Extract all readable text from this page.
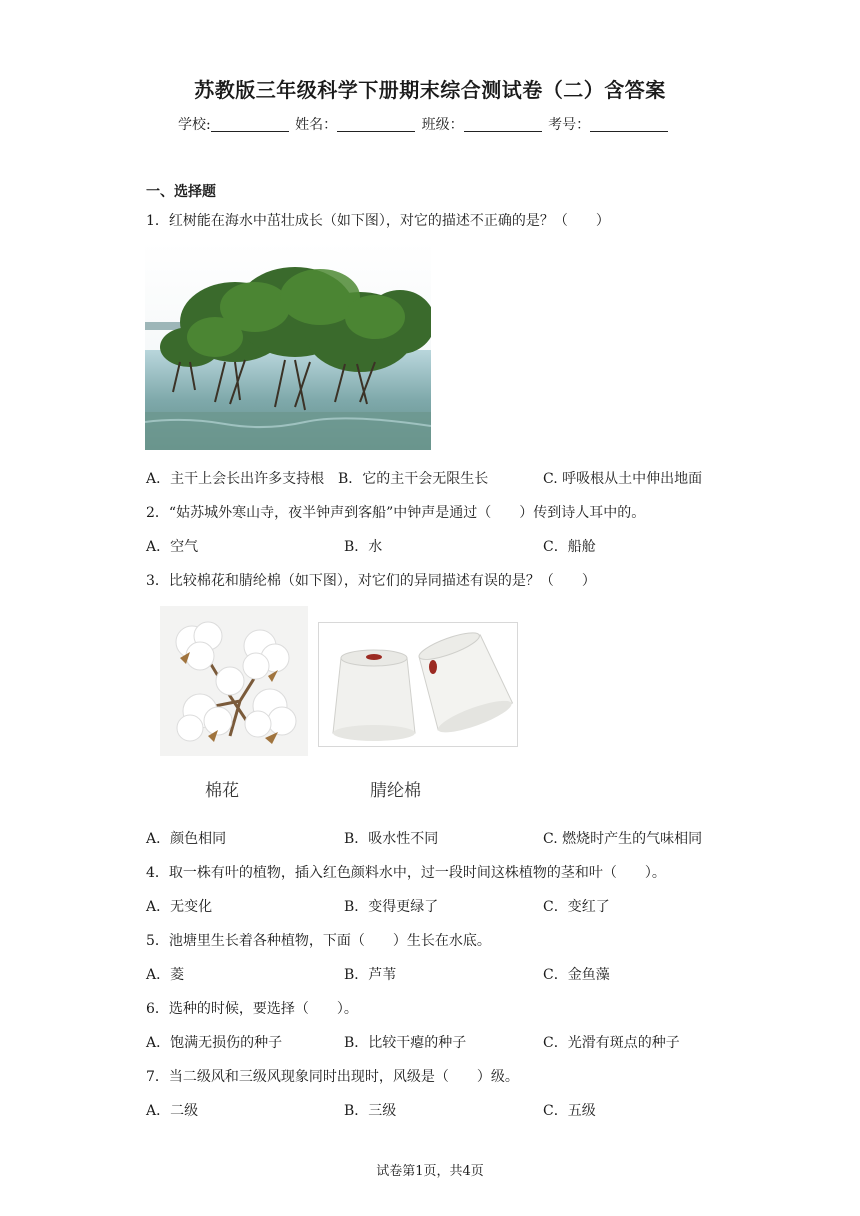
苏教版三年级科学下册期末综合测试卷（二）含答案
学校:	姓名：	班级：	考号：
一、选择题
1．红树能在海水中茁壮成长（如下图），对它的描述不正确的是？（　　）
A．主干上会长出许多支持根 B．它的主干会无限生长	C. 呼吸根从土中伸出地面
2．“姑苏城外寒山寺，夜半钟声到客船”中钟声是通过（　　）传到诗人耳中的。
A．空气	B．水	C．船舱
3．比较棉花和腈纶棉（如下图），对它们的异同描述有误的是？（　　）
棉花	腈纶棉
A．颜色相同	B．吸水性不同	C. 燃烧时产生的气味相同
4．取一株有叶的植物，插入红色颜料水中，过一段时间这株植物的茎和叶（　　）。
A．无变化	B．变得更绿了	C．变红了
5．池塘里生长着各种植物，下面（　　）生长在水底。
A．菱	B．芦苇	C．金鱼藻
6．选种的时候，要选择（　　）。
A．饱满无损伤的种子	B．比较干瘪的种子	C．光滑有斑点的种子
7．当二级风和三级风现象同时出现时，风级是（　　）级。
A．二级	B．三级	C．五级
试卷第1页，共4页
